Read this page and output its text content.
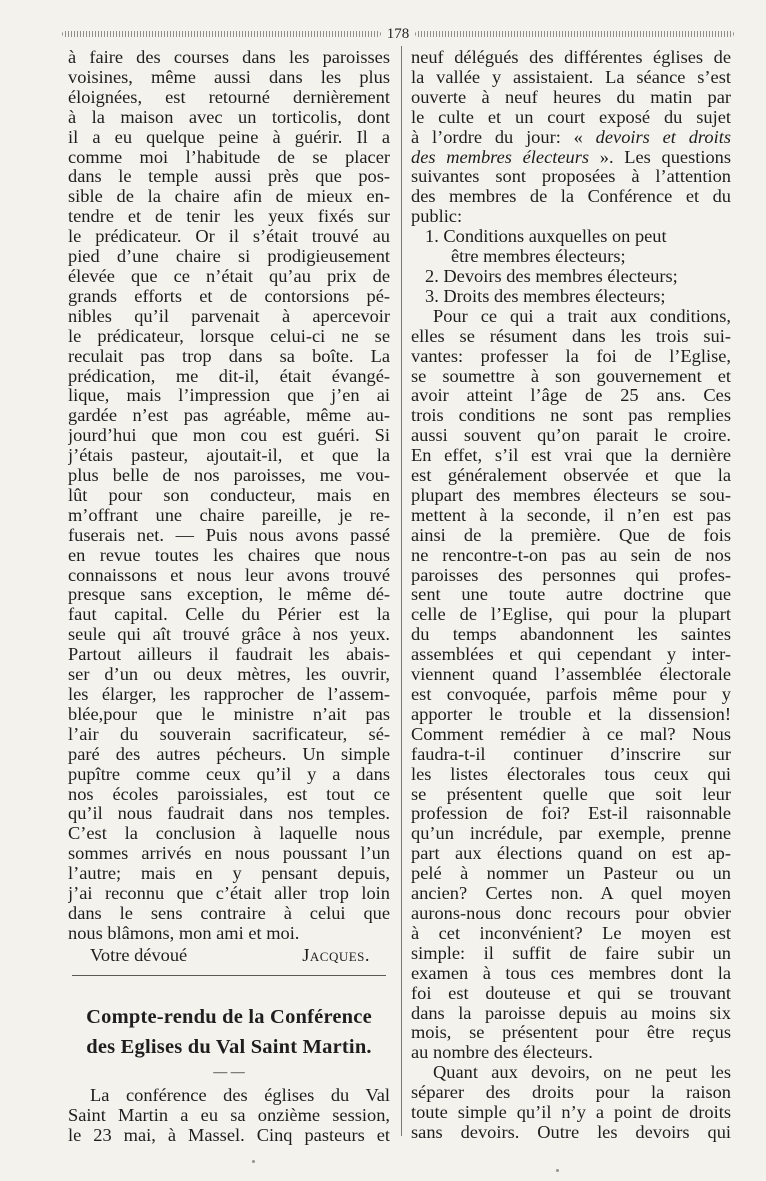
178
à faire des courses dans les paroisses
voisines, même aussi dans les plus
éloignées, est retourné dernièrement
à la maison avec un torticolis, dont
il a eu quelque peine à guérir. Il a
comme moi l’habitude de se placer
dans le temple aussi près que pos-
sible de la chaire afin de mieux en-
tendre et de tenir les yeux fixés sur
le prédicateur. Or il s’était trouvé au
pied d’une chaire si prodigieusement
élevée que ce n’était qu’au prix de
grands efforts et de contorsions pé-
nibles qu’il parvenait à apercevoir
le prédicateur, lorsque celui-ci ne se
reculait pas trop dans sa boîte. La
prédication, me dit-il, était évangé-
lique, mais l’impression que j’en ai
gardée n’est pas agréable, même au-
jourd’hui que mon cou est guéri. Si
j’étais pasteur, ajoutait-il, et que la
plus belle de nos paroisses, me vou-
lût pour son conducteur, mais en
m’offrant une chaire pareille, je re-
fuserais net. — Puis nous avons passé
en revue toutes les chaires que nous
connaissons et nous leur avons trouvé
presque sans exception, le même dé-
faut capital. Celle du Périer est la
seule qui aît trouvé grâce à nos yeux.
Partout ailleurs il faudrait les abais-
ser d’un ou deux mètres, les ouvrir,
les élarger, les rapprocher de l’assem-
blée,pour que le ministre n’ait pas
l’air du souverain sacrificateur, sé-
paré des autres pécheurs. Un simple
pupître comme ceux qu’il y a dans
nos écoles paroissiales, est tout ce
qu’il nous faudrait dans nos temples.
C’est la conclusion à laquelle nous
sommes arrivés en nous poussant l’un
l’autre; mais en y pensant depuis,
j’ai reconnu que c’était aller trop loin
dans le sens contraire à celui que
nous blâmons, mon ami et moi.
Votre dévoué	Jacques.
Compte-rendu de la Conférence
des Eglises du Val Saint Martin.
— —
La conférence des églises du Val
Saint Martin a eu sa onzième session,
le 23 mai, à Massel. Cinq pasteurs et
neuf délégués des différentes églises de
la vallée y assistaient. La séance s’est
ouverte à neuf heures du matin par
le culte et un court exposé du sujet
à l’ordre du jour: « devoirs et droits
des membres électeurs ». Les questions
suivantes sont proposées à l’attention
des membres de la Conférence et du
public:
1. Conditions auxquelles on peut
être membres électeurs;
2. Devoirs des membres électeurs;
3. Droits des membres électeurs;
Pour ce qui a trait aux conditions,
elles se résument dans les trois sui-
vantes: professer la foi de l’Eglise,
se soumettre à son gouvernement et
avoir atteint l’âge de 25 ans. Ces
trois conditions ne sont pas remplies
aussi souvent qu’on parait le croire.
En effet, s’il est vrai que la dernière
est généralement observée et que la
plupart des membres électeurs se sou-
mettent à la seconde, il n’en est pas
ainsi de la première. Que de fois
ne rencontre-t-on pas au sein de nos
paroisses des personnes qui profes-
sent une toute autre doctrine que
celle de l’Eglise, qui pour la plupart
du temps abandonnent les saintes
assemblées et qui cependant y inter-
viennent quand l’assemblée électorale
est convoquée, parfois même pour y
apporter le trouble et la dissension!
Comment remédier à ce mal? Nous
faudra-t-il continuer d’inscrire sur
les listes électorales tous ceux qui
se présentent quelle que soit leur
profession de foi? Est-il raisonnable
qu’un incrédule, par exemple, prenne
part aux élections quand on est ap-
pelé à nommer un Pasteur ou un
ancien? Certes non. A quel moyen
aurons-nous donc recours pour obvier
à cet inconvénient? Le moyen est
simple: il suffit de faire subir un
examen à tous ces membres dont la
foi est douteuse et qui se trouvant
dans la paroisse depuis au moins six
mois, se présentent pour être reçus
au nombre des électeurs.
Quant aux devoirs, on ne peut les
séparer des droits pour la raison
toute simple qu’il n’y a point de droits
sans devoirs. Outre les devoirs qui
